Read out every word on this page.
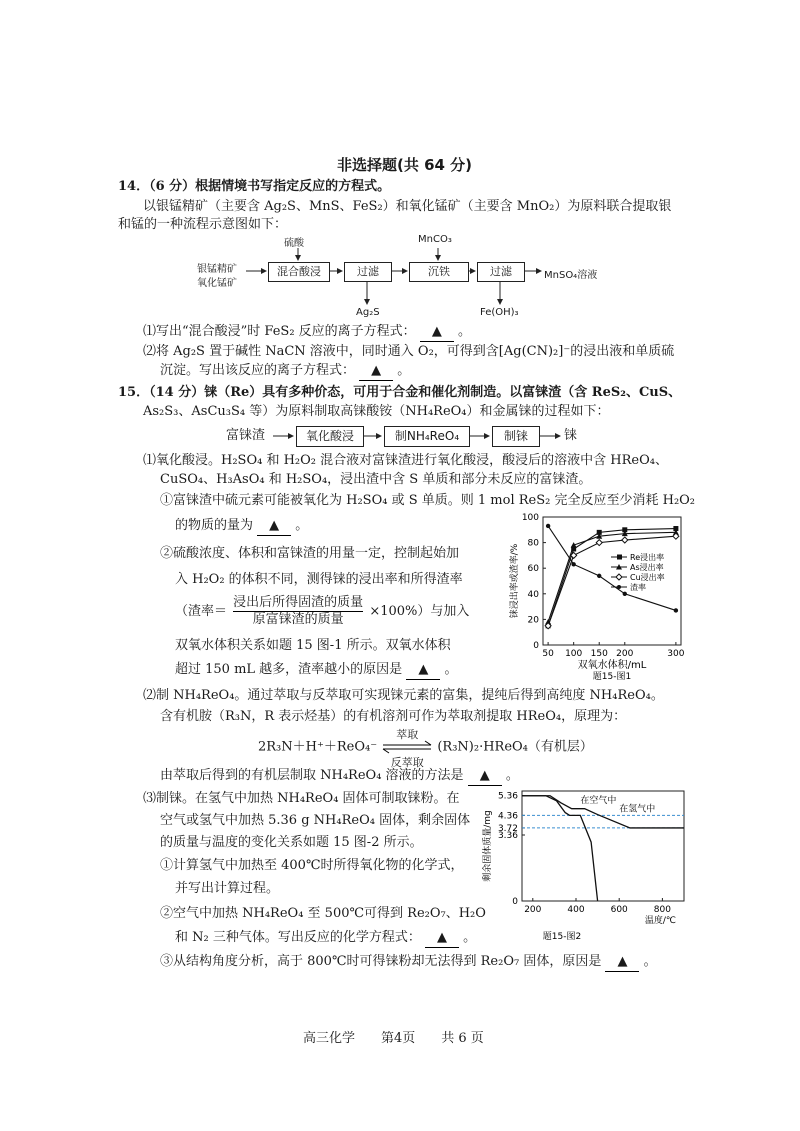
非选择题(共 64 分)
14．（6 分）根据情境书写指定反应的方程式。
以银锰精矿（主要含 Ag₂S、MnS、FeS₂）和氧化锰矿（主要含 MnO₂）为原料联合提取银
和锰的一种流程示意图如下：
银锰精矿
氧化锰矿
硫酸	MnCO₃
混合酸浸	过滤	沉铁	过滤	MnSO₄溶液
Ag₂S	Fe(OH)₃
⑴写出“混合酸浸”时 FeS₂ 反应的离子方程式： ▲ 。
⑵将 Ag₂S 置于碱性 NaCN 溶液中，同时通入 O₂，可得到含[Ag(CN)₂]⁻的浸出液和单质硫
沉淀。写出该反应的离子方程式： ▲ 。
15．（14 分）铼（Re）具有多种价态，可用于合金和催化剂制造。以富铼渣（含 ReS₂、CuS、
As₂S₃、AsCu₃S₄ 等）为原料制取高铼酸铵（NH₄ReO₄）和金属铼的过程如下：
富铼渣	氧化酸浸	制NH₄ReO₄	制铼	铼
⑴氧化酸浸。H₂SO₄ 和 H₂O₂ 混合液对富铼渣进行氧化酸浸，酸浸后的溶液中含 HReO₄、
CuSO₄、H₃AsO₄ 和 H₂SO₄，浸出渣中含 S 单质和部分未反应的富铼渣。
①富铼渣中硫元素可能被氧化为 H₂SO₄ 或 S 单质。则 1 mol ReS₂ 完全反应至少消耗 H₂O₂
的物质的量为 ▲ 。
②硫酸浓度、体积和富铼渣的用量一定，控制起始加
入 H₂O₂ 的体积不同，测得铼的浸出率和所得渣率
（渣率＝ $\frac{\text{浸出后所得固渣的质量}}{\text{原富铼渣的质量}} \times 100\%$）与加入
双氧水体积关系如题 15 图-1 所示。双氧水体积
超过 150 mL 越多，渣率越小的原因是 ▲ 。
0
20
40
60
80
100
50 100 150 200	300
双氧水体积/mL
题15-图1
铼浸出率或渣率/%	Re浸出率
As浸出率
Cu浸出率
渣率
⑵制 NH₄ReO₄。通过萃取与反萃取可实现铼元素的富集，提纯后得到高纯度 NH₄ReO₄。
含有机胺（R₃N，R 表示烃基）的有机溶剂可作为萃取剂提取 HReO₄，原理为：
2R₃N＋H⁺＋ReO₄⁻
萃取
反萃取
(R₃N)₂·HReO₄（有机层）
由萃取后得到的有机层制取 NH₄ReO₄ 溶液的方法是 ▲ 。
⑶制铼。在氢气中加热 NH₄ReO₄ 固体可制取铼粉。在
空气或氢气中加热 5.36 g NH₄ReO₄ 固体，剩余固体
的质量与温度的变化关系如题 15 图-2 所示。
①计算氢气中加热至 400℃时所得氧化物的化学式，
并写出计算过程。
②空气中加热 NH₄ReO₄ 至 500℃可得到 Re₂O₇、H₂O
和 N₂ 三种气体。写出反应的化学方程式： ▲ 。
③从结构角度分析，高于 800℃时可得铼粉却无法得到 Re₂O₇ 固体，原因是 ▲ 。
0
3.36
3.72
4.36
5.36
200	400	600	800
温度/℃
题15-图2
剩余固体质量/mg
在空气中
在氢气中
高三化学　　第4页　　共 6 页
